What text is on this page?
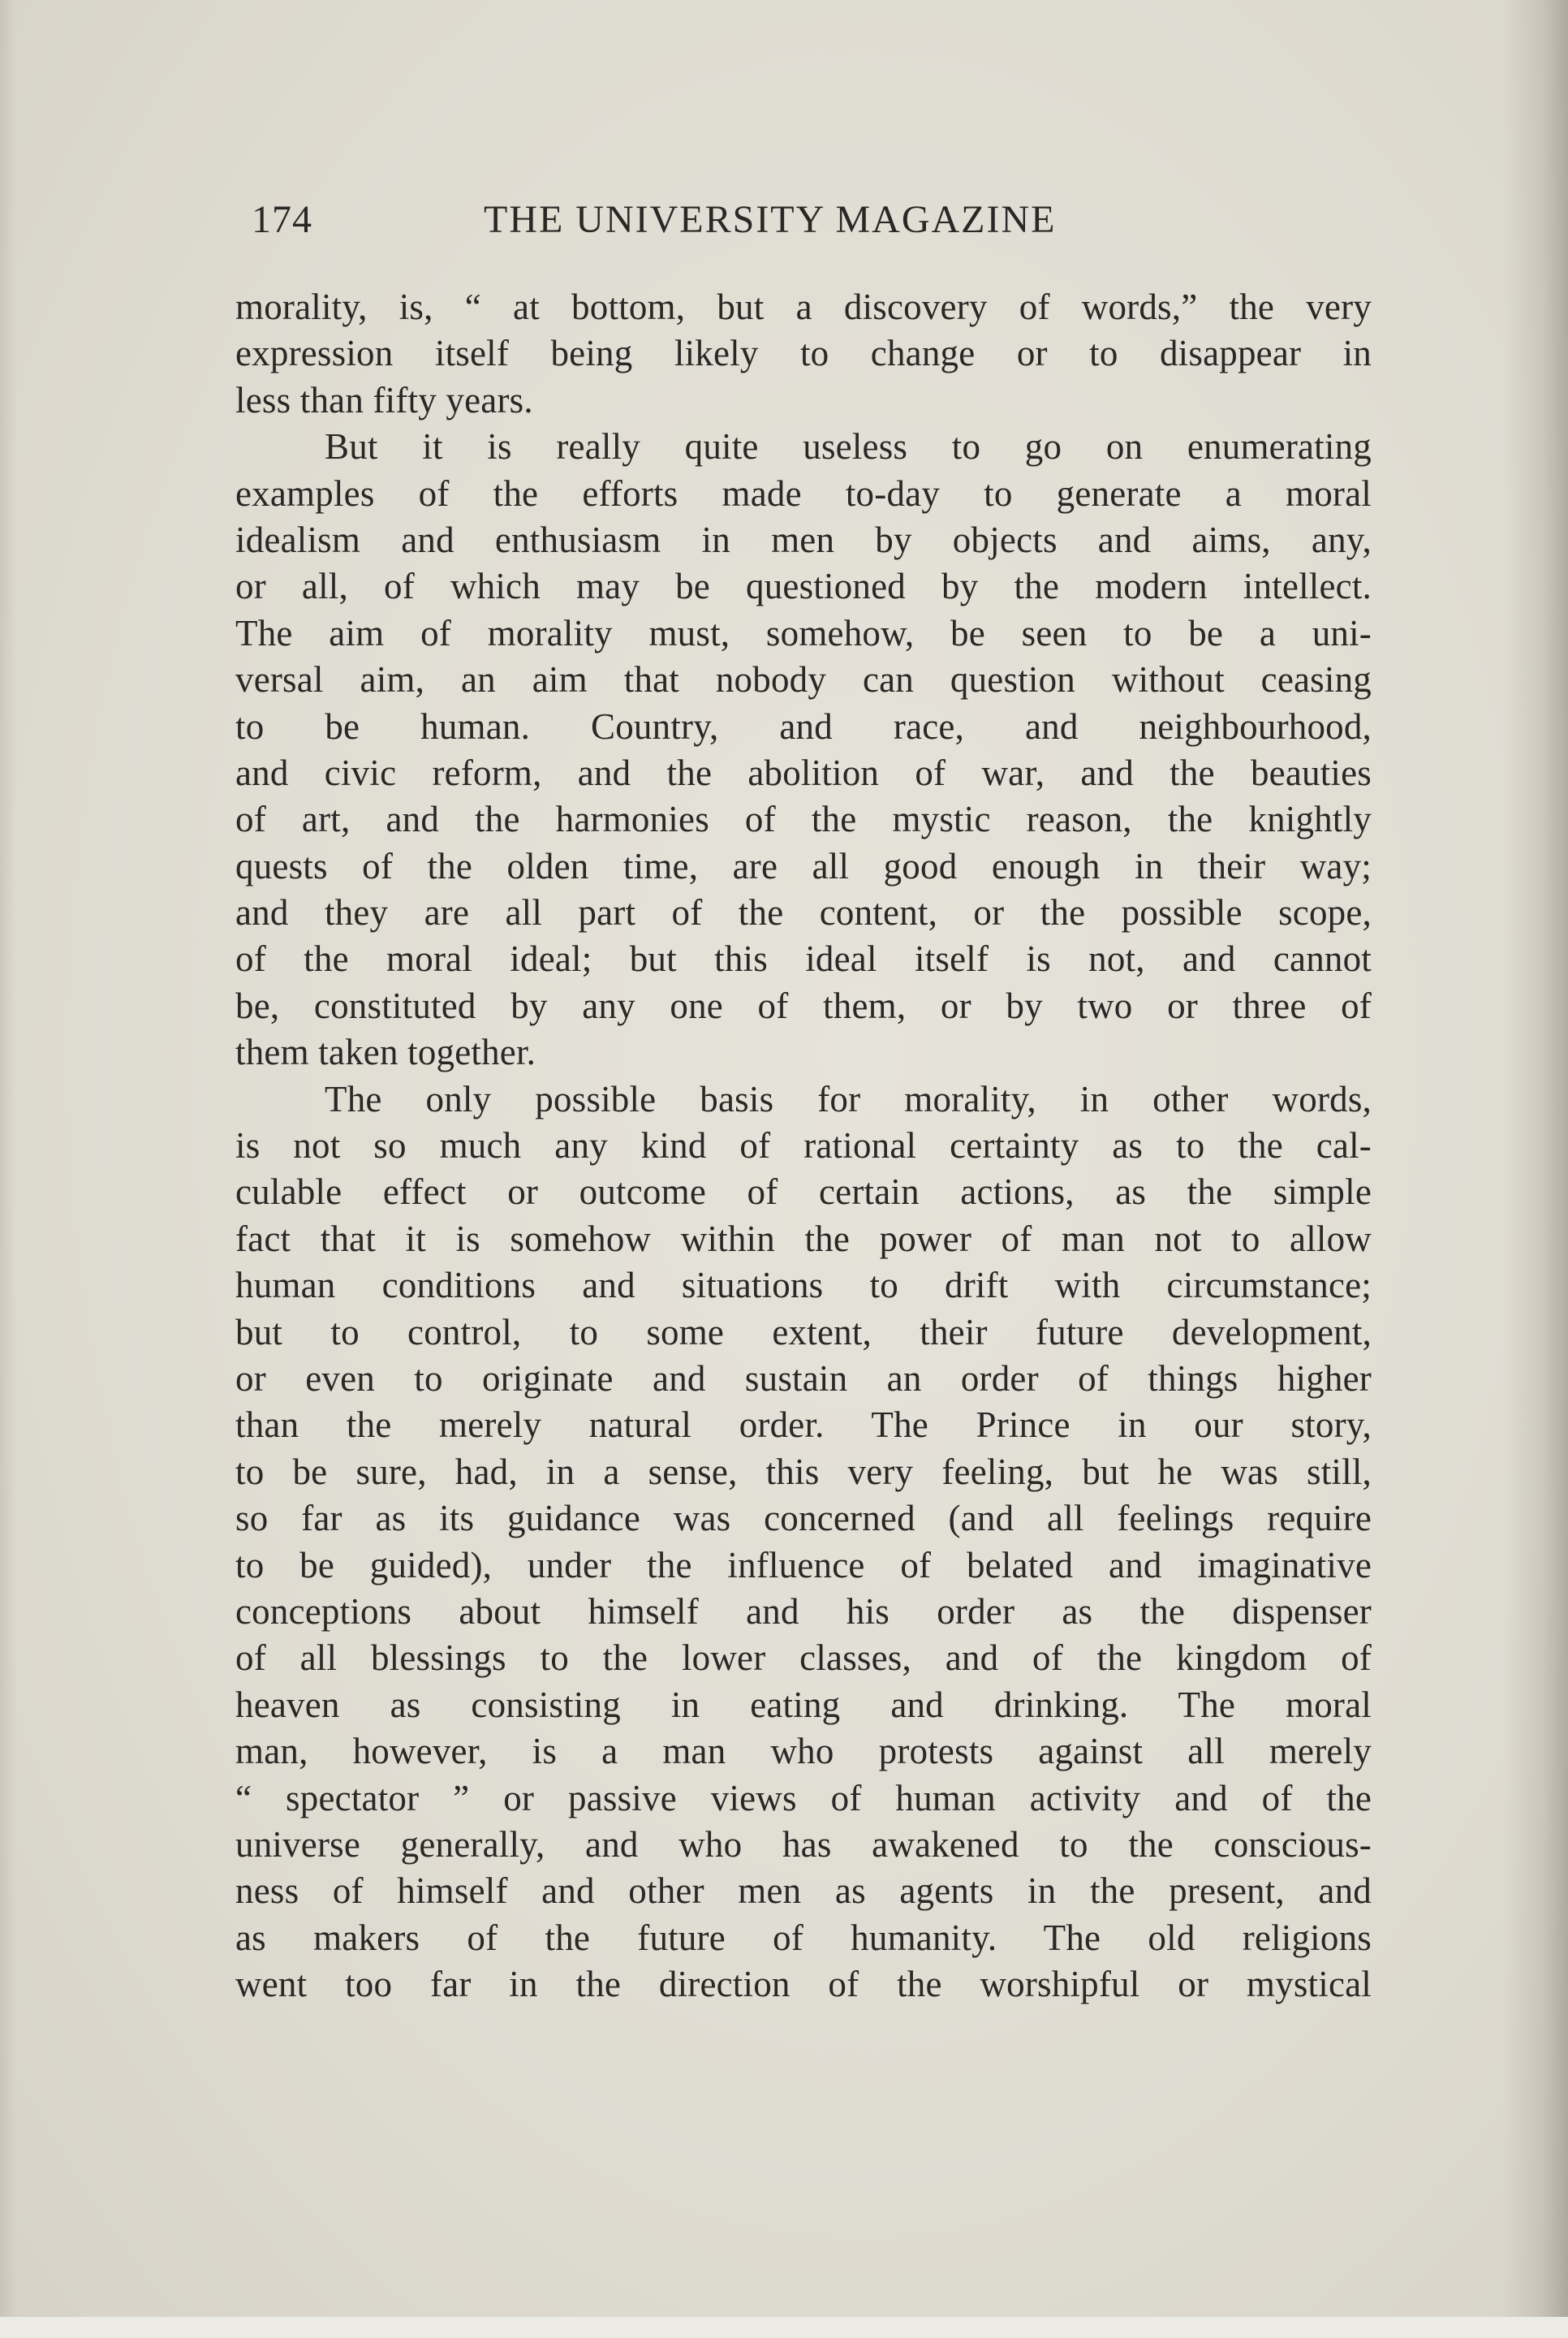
174	THE UNIVERSITY MAGAZINE
morality, is, “ at bottom, but a discovery of words,” the very
expression itself being likely to change or to disappear in
less than fifty years.
But it is really quite useless to go on enumerating
examples of the efforts made to-day to generate a moral
idealism and enthusiasm in men by objects and aims, any,
or all, of which may be questioned by the modern intellect.
The aim of morality must, somehow, be seen to be a uni-
versal aim, an aim that nobody can question without ceasing
to be human. Country, and race, and neighbourhood,
and civic reform, and the abolition of war, and the beauties
of art, and the harmonies of the mystic reason, the knightly
quests of the olden time, are all good enough in their way;
and they are all part of the content, or the possible scope,
of the moral ideal; but this ideal itself is not, and cannot
be, constituted by any one of them, or by two or three of
them taken together.
The only possible basis for morality, in other words,
is not so much any kind of rational certainty as to the cal-
culable effect or outcome of certain actions, as the simple
fact that it is somehow within the power of man not to allow
human conditions and situations to drift with circumstance;
but to control, to some extent, their future development,
or even to originate and sustain an order of things higher
than the merely natural order. The Prince in our story,
to be sure, had, in a sense, this very feeling, but he was still,
so far as its guidance was concerned (and all feelings require
to be guided), under the influence of belated and imaginative
conceptions about himself and his order as the dispenser
of all blessings to the lower classes, and of the kingdom of
heaven as consisting in eating and drinking. The moral
man, however, is a man who protests against all merely
“ spectator ” or passive views of human activity and of the
universe generally, and who has awakened to the conscious-
ness of himself and other men as agents in the present, and
as makers of the future of humanity. The old religions
went too far in the direction of the worshipful or mystical
